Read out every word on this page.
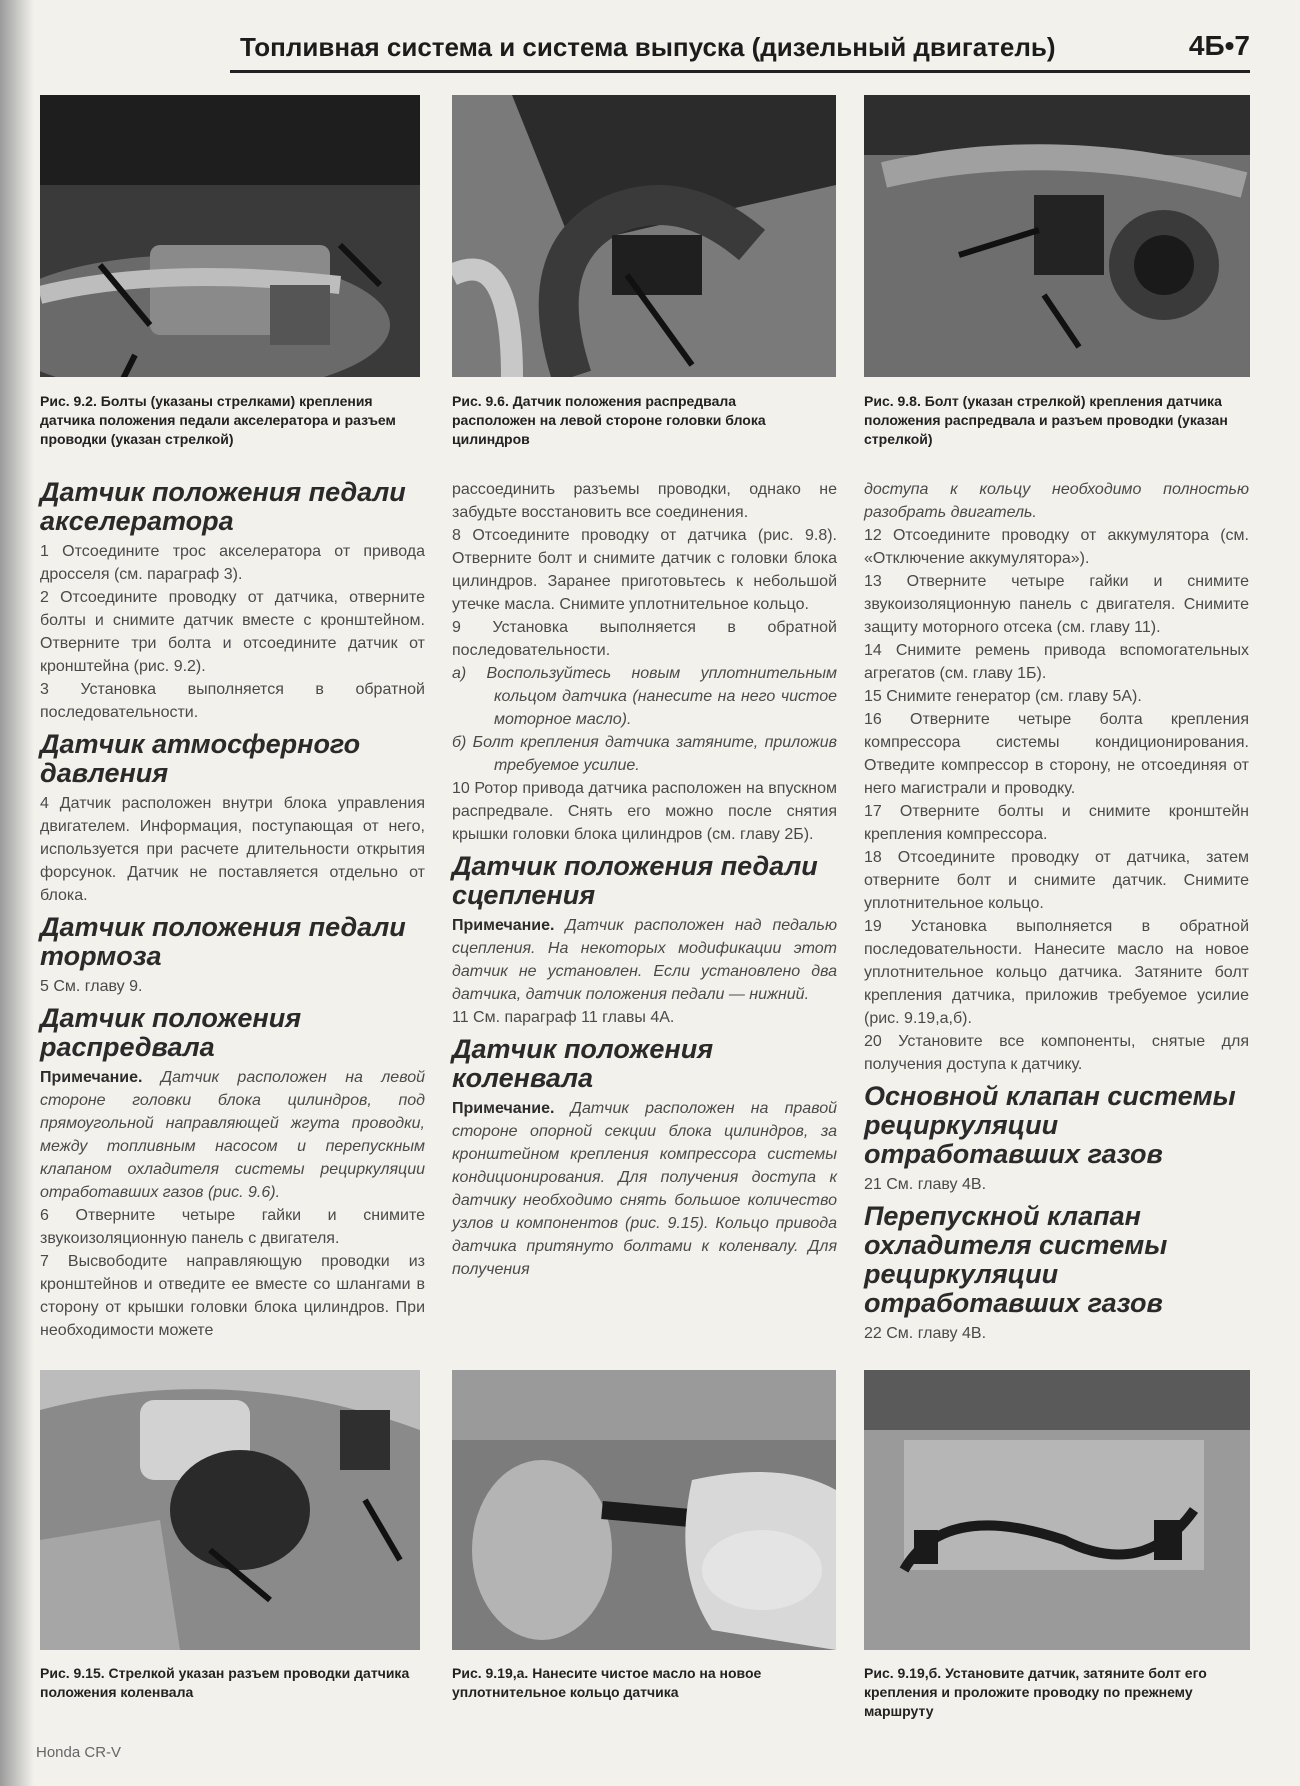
Топливная система и система выпуска (дизельный двигатель)	4Б•7
Рис. 9.2. Болты (указаны стрелками) крепления датчика положения педали акселератора и разъем проводки (указан стрелкой)
Рис. 9.6. Датчик положения распредвала расположен на левой стороне головки блока цилиндров
Рис. 9.8. Болт (указан стрелкой) крепления датчика положения распредвала и разъем проводки (указан стрелкой)
Датчик положения педали акселератора

1 Отсоедините трос акселератора от привода дросселя (см. параграф 3).

2 Отсоедините проводку от датчика, отверните болты и снимите датчик вместе с кронштейном. Отверните три болта и отсоедините датчик от кронштейна (рис. 9.2).

3 Установка выполняется в обратной последовательности.

Датчик атмосферного давления

4 Датчик расположен внутри блока управления двигателем. Информация, поступающая от него, используется при расчете длительности открытия форсунок. Датчик не поставляется отдельно от блока.

Датчик положения педали тормоза

5 См. главу 9.

Датчик положения распредвала

Примечание. Датчик расположен на левой стороне головки блока цилиндров, под прямоугольной направляющей жгута проводки, между топливным насосом и перепускным клапаном охладителя системы рециркуляции отработавших газов (рис. 9.6).

6 Отверните четыре гайки и снимите звукоизоляционную панель с двигателя.

7 Высвободите направляющую проводки из кронштейнов и отведите ее вместе со шлангами в сторону от крышки головки блока цилиндров. При необходимости можете

рассоединить разъемы проводки, однако не забудьте восстановить все соединения.

8 Отсоедините проводку от датчика (рис. 9.8). Отверните болт и снимите датчик с головки блока цилиндров. Заранее приготовьтесь к небольшой утечке масла. Снимите уплотнительное кольцо.

9 Установка выполняется в обратной последовательности.

а) Воспользуйтесь новым уплотнительным кольцом датчика (нанесите на него чистое моторное масло).

б) Болт крепления датчика затяните, приложив требуемое усилие.

10 Ротор привода датчика расположен на впускном распредвале. Снять его можно после снятия крышки головки блока цилиндров (см. главу 2Б).

Датчик положения педали сцепления

Примечание. Датчик расположен над педалью сцепления. На некоторых модификации этот датчик не установлен. Если установлено два датчика, датчик положения педали — нижний.

11 См. параграф 11 главы 4А.

Датчик положения коленвала

Примечание. Датчик расположен на правой стороне опорной секции блока цилиндров, за кронштейном крепления компрессора системы кондиционирования. Для получения доступа к датчику необходимо снять большое количество узлов и компонентов (рис. 9.15). Кольцо привода датчика притянуто болтами к коленвалу. Для получения

доступа к кольцу необходимо полностью разобрать двигатель.

12 Отсоедините проводку от аккумулятора (см. «Отключение аккумулятора»).

13 Отверните четыре гайки и снимите звукоизоляционную панель с двигателя. Снимите защиту моторного отсека (см. главу 11).

14 Снимите ремень привода вспомогательных агрегатов (см. главу 1Б).

15 Снимите генератор (см. главу 5А).

16 Отверните четыре болта крепления компрессора системы кондиционирования. Отведите компрессор в сторону, не отсоединяя от него магистрали и проводку.

17 Отверните болты и снимите кронштейн крепления компрессора.

18 Отсоедините проводку от датчика, затем отверните болт и снимите датчик. Снимите уплотнительное кольцо.

19 Установка выполняется в обратной последовательности. Нанесите масло на новое уплотнительное кольцо датчика. Затяните болт крепления датчика, приложив требуемое усилие (рис. 9.19,а,б).

20 Установите все компоненты, снятые для получения доступа к датчику.

Основной клапан системы рециркуляции отработавших газов

21 См. главу 4В.

Перепускной клапан охладителя системы рециркуляции отработавших газов

22 См. главу 4В.

Рис. 9.15. Стрелкой указан разъем проводки датчика положения коленвала
Рис. 9.19,а. Нанесите чистое масло на новое уплотнительное кольцо датчика
Рис. 9.19,б. Установите датчик, затяните болт его крепления и проложите проводку по прежнему маршруту
Honda CR-V
